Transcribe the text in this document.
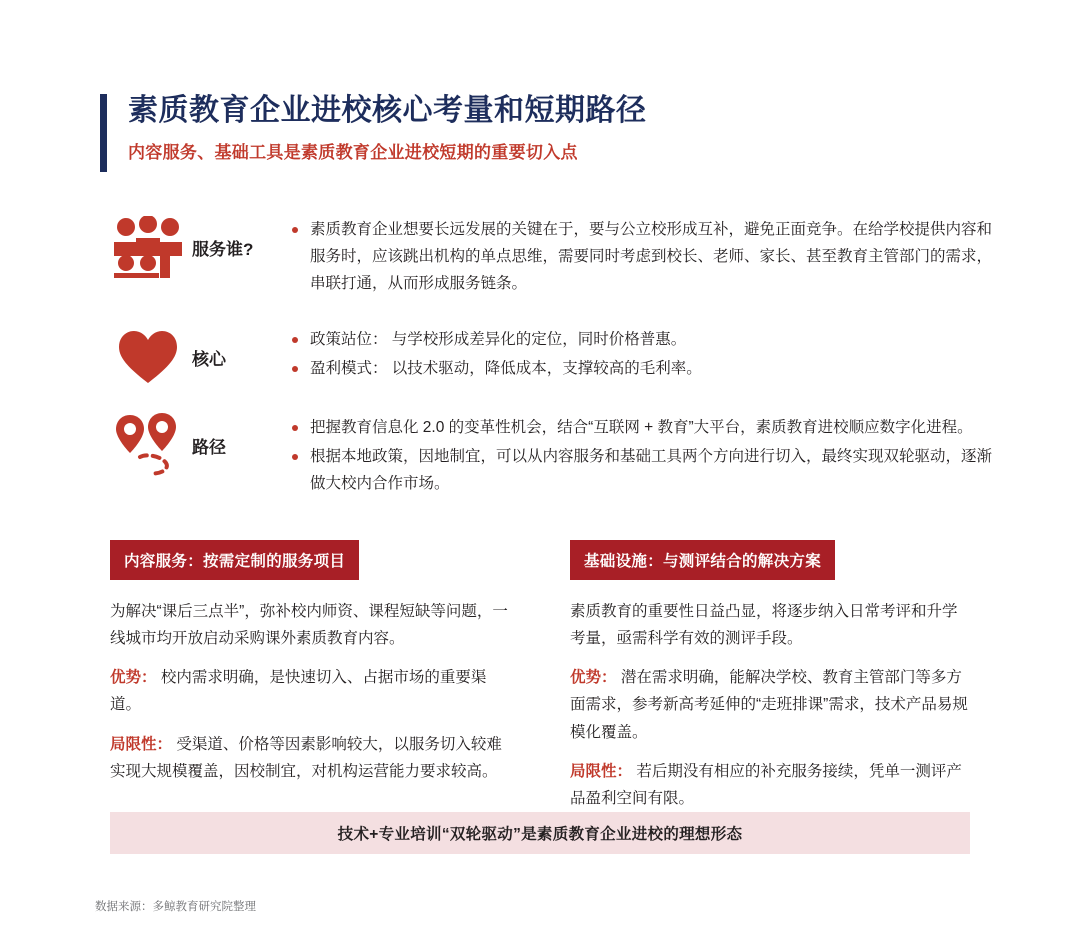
素质教育企业进校核心考量和短期路径

内容服务、基础工具是素质教育企业进校短期的重要切入点

服务谁?
素质教育企业想要长远发展的关键在于，要与公立校形成互补，避免正面竞争。在给学校提供内容和服务时，应该跳出机构的单点思维，需要同时考虑到校长、老师、家长、甚至教育主管部门的需求，串联打通，从而形成服务链条。
核心
政策站位： 与学校形成差异化的定位，同时价格普惠。
盈利模式： 以技术驱动，降低成本，支撑较高的毛利率。
路径
把握教育信息化 2.0 的变革性机会，结合“互联网 + 教育”大平台，素质教育进校顺应数字化进程。
根据本地政策，因地制宜，可以从内容服务和基础工具两个方向进行切入，最终实现双轮驱动，逐渐做大校内合作市场。
内容服务：按需定制的服务项目

为解决“课后三点半”，弥补校内师资、课程短缺等问题，一线城市均开放启动采购课外素质教育内容。

优势： 校内需求明确，是快速切入、占据市场的重要渠道。

局限性： 受渠道、价格等因素影响较大，以服务切入较难实现大规模覆盖，因校制宜，对机构运营能力要求较高。

基础设施：与测评结合的解决方案

素质教育的重要性日益凸显，将逐步纳入日常考评和升学考量，亟需科学有效的测评手段。

优势： 潜在需求明确，能解决学校、教育主管部门等多方面需求，参考新高考延伸的“走班排课”需求，技术产品易规模化覆盖。

局限性： 若后期没有相应的补充服务接续，凭单一测评产品盈利空间有限。

技术+专业培训“双轮驱动”是素质教育企业进校的理想形态
数据来源：多鲸教育研究院整理
